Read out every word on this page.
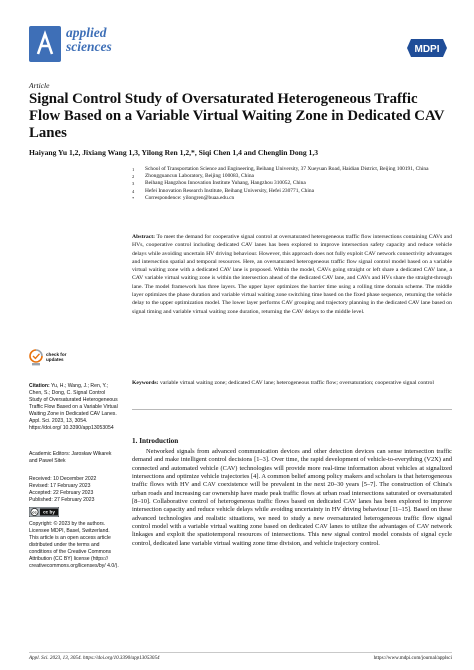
applied
sciences	MDPI
Article
Signal Control Study of Oversaturated Heterogeneous Traffic Flow Based on a Variable Virtual Waiting Zone in Dedicated CAV Lanes
Haiyang Yu 1,2, Jixiang Wang 1,3, Yilong Ren 1,2,*, Siqi Chen 1,4 and Chenglin Dong 1,3
1 School of Transportation Science and Engineering, Beihang University, 37 Xueyuan Road, Haidian District, Beijing 100191, China
2 Zhongguancun Laboratory, Beijing 100083, China
3 Beihang Hangzhou Innovation Institute Yuhang, Hangzhou 310052, China
4 Hefei Innovation Research Institute, Beihang University, Hefei 230771, China
* Correspondence: yilongren@buaa.edu.cn

Abstract: To meet the demand for cooperative signal control at oversaturated heterogeneous traffic flow intersections containing CAVs and HVs, cooperative control including dedicated CAV lanes has been explored to improve intersection safety capacity and reduce vehicle delays while avoiding uncertain HV driving behaviour. However, this approach does not fully exploit CAV network connectivity advantages and intersection spatial and temporal resources. Here, an oversaturated heterogeneous traffic flow signal control model based on a variable virtual waiting zone with a dedicated CAV lane is proposed. Within the model, CAVs going straight or left share a dedicated CAV lane, a CAV variable virtual waiting zone is within the intersection ahead of the dedicated CAV lane, and CAVs and HVs share the straight-through lane. The model framework has three layers. The upper layer optimizes the barrier time using a rolling time domain scheme. The middle layer optimizes the phase duration and variable virtual waiting zone switching time based on the fixed phase sequence, returning the vehicle delay to the upper optimization model. The lower layer performs CAV grouping and trajectory planning in the dedicated CAV lane based on signal timing and variable virtual waiting zone duration, returning the CAV delays to the middle level.

Keywords: variable virtual waiting zone; dedicated CAV lane; heterogeneous traffic flow; oversaturation; cooperative signal control

1. Introduction

Networked signals from advanced communication devices and other detection devices can sense intersection traffic demand and make intelligent control decisions [1–3]. Over time, the rapid development of vehicle-to-everything (V2X) and connected and automated vehicle (CAV) technologies will provide more real-time information about vehicles at signalized intersections and optimize vehicle trajectories [4]. A common belief among policy makers and scholars is that heterogeneous traffic flows with HV and CAV coexistence will be prevalent in the next 20–30 years [5–7]. The construction of China's urban roads and increasing car ownership have made peak traffic flows at urban road intersections saturated or oversaturated [8–10]. Collaborative control of heterogeneous traffic flows based on dedicated CAV lanes has been explored to improve intersection capacity and reduce vehicle delays while avoiding uncertainty in HV driving behaviour [11–15]. Based on these advanced technologies and realistic situations, we need to study a new oversaturated heterogeneous traffic flow signal control model with a variable virtual waiting zone based on dedicated CAV lanes to utilize the advantages of CAV network linkages and exploit the spatiotemporal resources of intersections. This new signal control model consists of signal cycle control, dedicated lane variable virtual waiting zone time division, and vehicle trajectory control.

check for
updates

Citation: Yu, H.; Wang, J.; Ren, Y.; Chen, S.; Dong, C. Signal Control Study of Oversaturated Heterogeneous Traffic Flow Based on a Variable Virtual Waiting Zone in Dedicated CAV Lanes. Appl. Sci. 2023, 13, 3054. https://doi.org/ 10.3390/app13053054

Academic Editors: Jarosław Wikarek and Paweł Sitek

Received: 10 December 2022
Revised: 17 February 2023
Accepted: 22 February 2023
Published: 27 February 2023
cc cc by

Copyright: © 2023 by the authors. Licensee MDPI, Basel, Switzerland. This article is an open access article distributed under the terms and conditions of the Creative Commons Attribution (CC BY) license (https:// creativecommons.org/licenses/by/ 4.0/).

Appl. Sci. 2023, 13, 3054. https://doi.org/10.3390/app13053054	https://www.mdpi.com/journal/applsci
